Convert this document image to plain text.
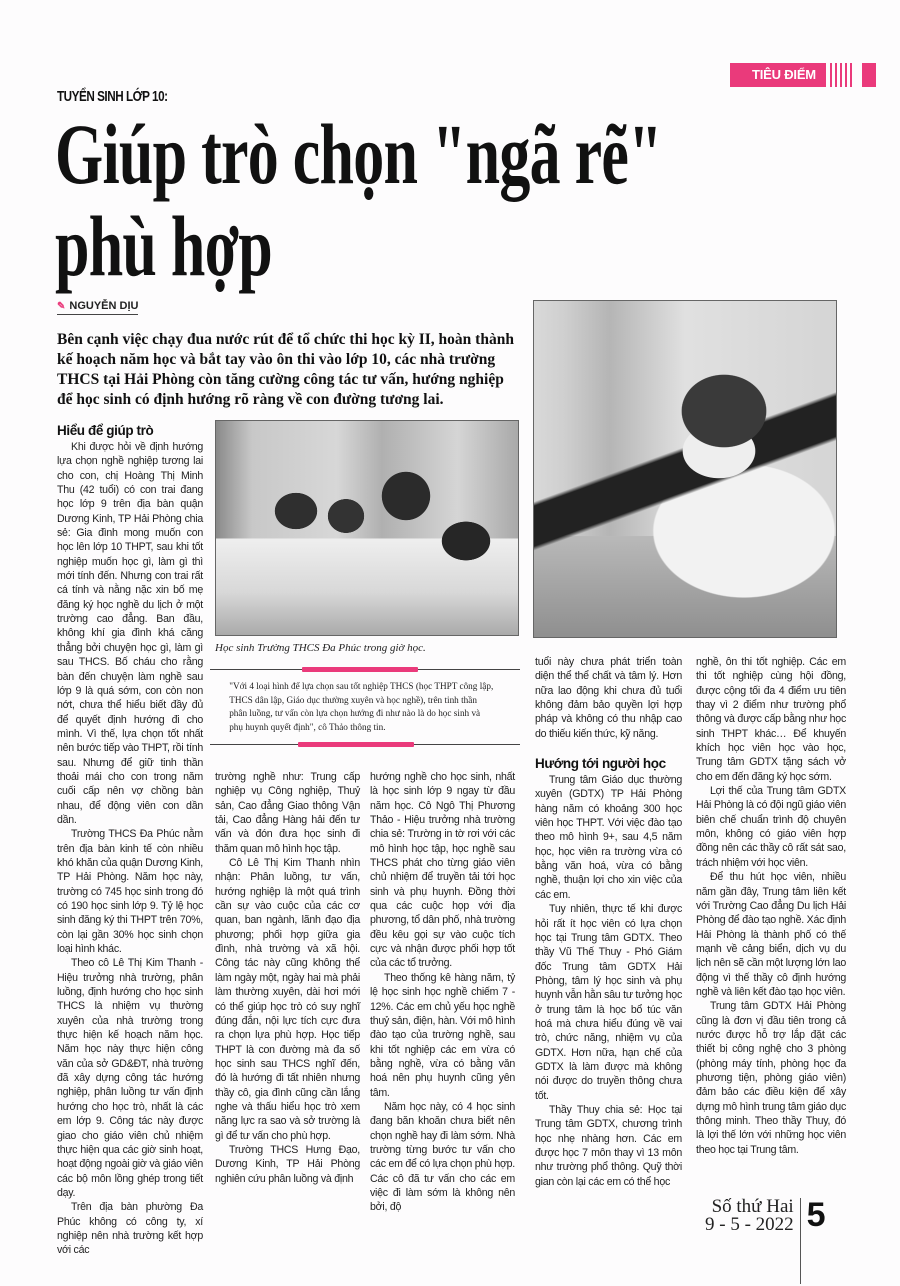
TIÊU ĐIỂM
TUYỂN SINH LỚP 10:
Giúp trò chọn "ngã rẽ"
phù hợp
✎ NGUYỄN DỊU

Bên cạnh việc chạy đua nước rút để tổ chức thi học kỳ II, hoàn thành kế hoạch năm học và bắt tay vào ôn thi vào lớp 10, các nhà trường THCS tại Hải Phòng còn tăng cường công tác tư vấn, hướng nghiệp để học sinh có định hướng rõ ràng về con đường tương lai.

Học sinh Trường THCS Đa Phúc trong giờ học.

"Với 4 loại hình để lựa chọn sau tốt nghiệp THCS (học THPT công lập, THCS dân lập, Giáo dục thường xuyên và học nghề), trên tinh thần phân luồng, tư vấn còn lựa chọn hướng đi như nào là do học sinh và phụ huynh quyết định", cô Thảo thông tin.

Hiểu để giúp trò

Khi được hỏi về định hướng lựa chọn nghề nghiệp tương lai cho con, chị Hoàng Thị Minh Thu (42 tuổi) có con trai đang học lớp 9 trên địa bàn quận Dương Kinh, TP Hải Phòng chia sẻ: Gia đình mong muốn con học lên lớp 10 THPT, sau khi tốt nghiệp muốn học gì, làm gì thì mới tính đến. Nhưng con trai rất cá tính và nằng nặc xin bố mẹ đăng ký học nghề du lịch ở một trường cao đẳng. Ban đầu, không khí gia đình khá căng thẳng bởi chuyện học gì, làm gì sau THCS. Bố cháu cho rằng bàn đến chuyện làm nghề sau lớp 9 là quá sớm, con còn non nớt, chưa thể hiểu biết đầy đủ để quyết định hướng đi cho mình. Vì thế, lựa chọn tốt nhất nên bước tiếp vào THPT, rồi tính sau. Nhưng để giữ tinh thần thoải mái cho con trong năm cuối cấp nên vợ chồng bàn nhau, để động viên con dần dần.

Trường THCS Đa Phúc nằm trên địa bàn kinh tế còn nhiều khó khăn của quận Dương Kinh, TP Hải Phòng. Năm học này, trường có 745 học sinh trong đó có 190 học sinh lớp 9. Tỷ lệ học sinh đăng ký thi THPT trên 70%, còn lại gần 30% học sinh chọn loại hình khác.

Theo cô Lê Thị Kim Thanh - Hiệu trưởng nhà trường, phân luồng, định hướng cho học sinh THCS là nhiệm vụ thường xuyên của nhà trường trong thực hiện kế hoạch năm học. Năm học này thực hiện công văn của sở GD&ĐT, nhà trường đã xây dựng công tác hướng nghiệp, phân luồng tư vấn định hướng cho học trò, nhất là các em lớp 9. Công tác này được giao cho giáo viên chủ nhiệm thực hiện qua các giờ sinh hoạt, hoạt động ngoài giờ và giáo viên các bộ môn lồng ghép trong tiết dạy.

Trên địa bàn phường Đa Phúc không có công ty, xí nghiệp nên nhà trường kết hợp với các

trường nghề như: Trung cấp nghiệp vụ Công nghiệp, Thuỷ sản, Cao đẳng Giao thông Vận tải, Cao đẳng Hàng hải đến tư vấn và đón đưa học sinh đi thăm quan mô hình học tập.

Cô Lê Thị Kim Thanh nhìn nhận: Phân luồng, tư vấn, hướng nghiệp là một quá trình cần sự vào cuộc của các cơ quan, ban ngành, lãnh đạo địa phương; phối hợp giữa gia đình, nhà trường và xã hội. Công tác này cũng không thể làm ngày một, ngày hai mà phải làm thường xuyên, dài hơi mới có thể giúp học trò có suy nghĩ đúng đắn, nội lực tích cực đưa ra chọn lựa phù hợp. Học tiếp THPT là con đường mà đa số học sinh sau THCS nghĩ đến, đó là hướng đi tất nhiên nhưng thầy cô, gia đình cũng cần lắng nghe và thấu hiểu học trò xem năng lực ra sao và sở trường là gì để tư vấn cho phù hợp.

Trường THCS Hưng Đạo, Dương Kinh, TP Hải Phòng nghiên cứu phân luồng và định

hướng nghề cho học sinh, nhất là học sinh lớp 9 ngay từ đầu năm học. Cô Ngô Thị Phương Thảo - Hiệu trưởng nhà trường chia sẻ: Trường in tờ rơi với các mô hình học tập, học nghề sau THCS phát cho từng giáo viên chủ nhiệm để truyền tải tới học sinh và phụ huynh. Đồng thời qua các cuộc họp với địa phương, tổ dân phố, nhà trường đều kêu gọi sự vào cuộc tích cực và nhận được phối hợp tốt của các tổ trưởng.

Theo thống kê hàng năm, tỷ lệ học sinh học nghề chiếm 7 - 12%. Các em chủ yếu học nghề thuỷ sản, điện, hàn. Với mô hình đào tạo của trường nghề, sau khi tốt nghiệp các em vừa có bằng nghề, vừa có bằng văn hoá nên phụ huynh cũng yên tâm.

Năm học này, có 4 học sinh đang băn khoăn chưa biết nên chọn nghề hay đi làm sớm. Nhà trường từng bước tư vấn cho các em để có lựa chọn phù hợp. Các cô đã tư vấn cho các em việc đi làm sớm là không nên bởi, độ

tuổi này chưa phát triển toàn diện thể thể chất và tâm lý. Hơn nữa lao động khi chưa đủ tuổi không đảm bảo quyền lợi hợp pháp và không có thu nhập cao do thiếu kiến thức, kỹ năng.

Hướng tới người học

Trung tâm Giáo dục thường xuyên (GDTX) TP Hải Phòng hàng năm có khoảng 300 học viên học THPT. Với việc đào tạo theo mô hình 9+, sau 4,5 năm học, học viên ra trường vừa có bằng văn hoá, vừa có bằng nghề, thuận lợi cho xin việc của các em.

Tuy nhiên, thực tế khi được hỏi rất ít học viên có lựa chọn học tại Trung tâm GDTX. Theo thầy Vũ Thế Thuy - Phó Giám đốc Trung tâm GDTX Hải Phòng, tâm lý học sinh và phụ huynh vẫn hằn sâu tư tưởng học ở trung tâm là học bổ túc văn hoá mà chưa hiểu đúng về vai trò, chức năng, nhiệm vụ của GDTX. Hơn nữa, hạn chế của GDTX là làm được mà không nói được do truyền thông chưa tốt.

Thầy Thuy chia sẻ: Học tại Trung tâm GDTX, chương trình học nhẹ nhàng hơn. Các em được học 7 môn thay vì 13 môn như trường phổ thông. Quỹ thời gian còn lại các em có thể học

nghề, ôn thi tốt nghiệp. Các em thi tốt nghiệp cùng hội đồng, được cộng tối đa 4 điểm ưu tiên thay vì 2 điểm như trường phổ thông và được cấp bằng như học sinh THPT khác… Để khuyến khích học viên học vào học, Trung tâm GDTX tặng sách vở cho em đến đăng ký học sớm.

Lợi thế của Trung tâm GDTX Hải Phòng là có đội ngũ giáo viên biên chế chuẩn trình độ chuyên môn, không có giáo viên hợp đồng nên các thầy cô rất sát sao, trách nhiệm với học viên.

Để thu hút học viên, nhiều năm gần đây, Trung tâm liên kết với Trường Cao đẳng Du lịch Hải Phòng để đào tạo nghề. Xác định Hải Phòng là thành phố có thế mạnh về cảng biển, dịch vụ du lịch nên sẽ cần một lượng lớn lao động vì thế thầy cô định hướng nghề và liên kết đào tạo học viên.

Trung tâm GDTX Hải Phòng cũng là đơn vị đầu tiên trong cả nước được hỗ trợ lắp đặt các thiết bị công nghệ cho 3 phòng (phòng máy tính, phòng học đa phương tiện, phòng giáo viên) đảm bảo các điều kiện để xây dựng mô hình trung tâm giáo dục thông minh. Theo thầy Thuy, đó là lợi thế lớn với những học viên theo học tại Trung tâm.

Số thứ Hai
9 - 5 - 2022 5
